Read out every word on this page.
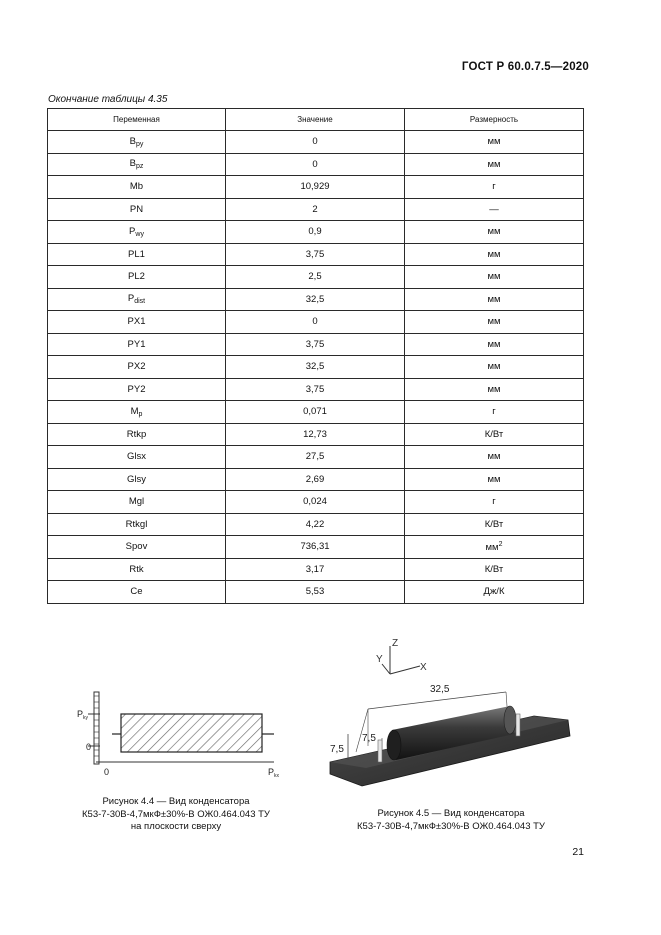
ГОСТ Р 60.0.7.5—2020
Окончание таблицы 4.35
Переменная	Значение	Размерность
$B_{py}$	0	мм
$B_{pz}$	0	мм
Mb	10,929	г
PN	2	—
$P_{wy}$	0,9	мм
PL1	3,75	мм
PL2	2,5	мм
$P_{dist}$	32,5	мм
PX1	0	мм
PY1	3,75	мм
PX2	32,5	мм
PY2	3,75	мм
$M_p$	0,071	г
Rtkp	12,73	К/Вт
Glsx	27,5	мм
Glsy	2,69	мм
Mgl	0,024	г
Rtkgl	4,22	К/Вт
Spov	736,31	$мм^2$
Rtk	3,17	К/Вт
Ce	5,53	Дж/К
$P_{ky}$
0
0	$P_{kx}$
Рисунок 4.4 — Вид конденсатора
К53-7-30В-4,7мкФ±30%-В ОЖ0.464.043 ТУ
на плоскости сверху
Z
Y
X
32,5
7,5
7,5
Рисунок 4.5 — Вид конденсатора
К53-7-30В-4,7мкФ±30%-В ОЖ0.464.043 ТУ
21
